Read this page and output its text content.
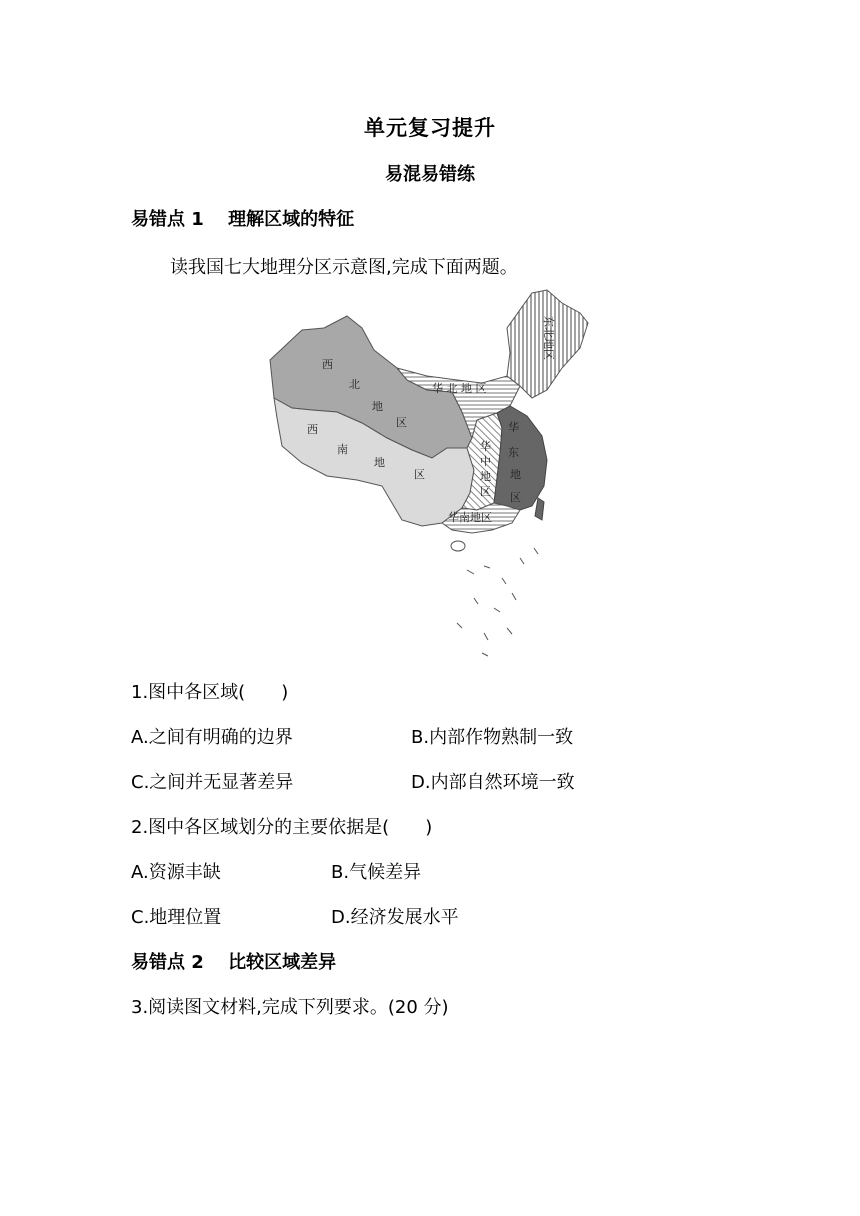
单元复习提升
易混易错练
易错点 1　 理解区域的特征
读我国七大地理分区示意图,完成下面两题。
西
北
地
区
西
南
地
区
华 北 地 区
东北地区
华
东
地
区
华
中
地
区
华南地区
1.图中各区域(　　)
A.之间有明确的边界	B.内部作物熟制一致
C.之间并无显著差异	D.内部自然环境一致
2.图中各区域划分的主要依据是(　　)
A.资源丰缺	B.气候差异
C.地理位置	D.经济发展水平
易错点 2　 比较区域差异
3.阅读图文材料,完成下列要求。(20 分)
